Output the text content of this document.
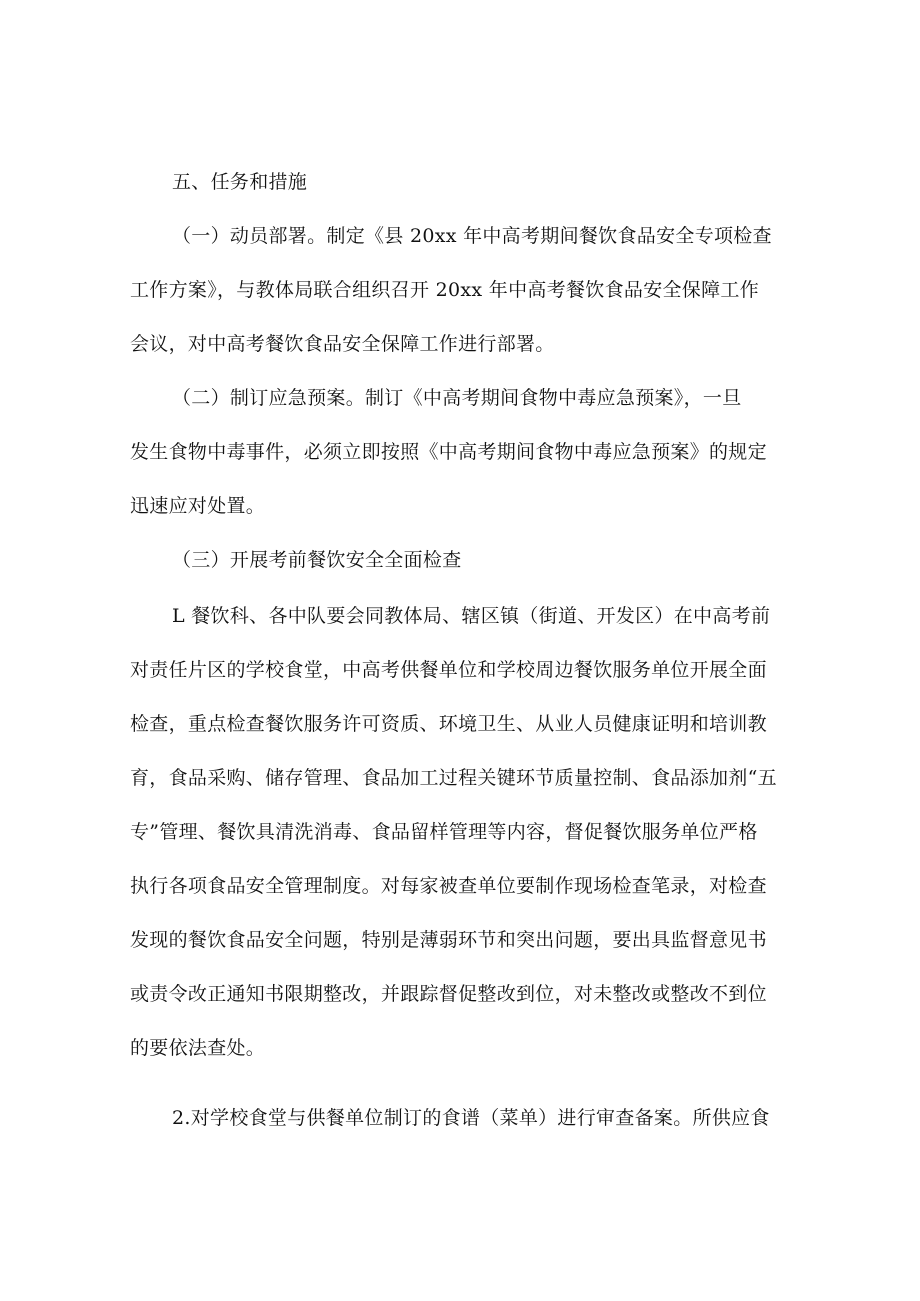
五、任务和措施
（一）动员部署。制定《县 20xx 年中高考期间餐饮食品安全专项检查
工作方案》，与教体局联合组织召开 20xx 年中高考餐饮食品安全保障工作
会议，对中高考餐饮食品安全保障工作进行部署。
（二）制订应急预案。制订《中高考期间食物中毒应急预案》，一旦
发生食物中毒事件，必须立即按照《中高考期间食物中毒应急预案》的规定
迅速应对处置。
（三）开展考前餐饮安全全面检查
L 餐饮科、各中队要会同教体局、辖区镇（街道、开发区）在中高考前
对责任片区的学校食堂，中高考供餐单位和学校周边餐饮服务单位开展全面
检查，重点检查餐饮服务许可资质、环境卫生、从业人员健康证明和培训教
育，食品采购、储存管理、食品加工过程关键环节质量控制、食品添加剂“五
专”管理、餐饮具清洗消毒、食品留样管理等内容，督促餐饮服务单位严格
执行各项食品安全管理制度。对每家被查单位要制作现场检查笔录，对检查
发现的餐饮食品安全问题，特别是薄弱环节和突出问题，要出具监督意见书
或责令改正通知书限期整改，并跟踪督促整改到位，对未整改或整改不到位
的要依法查处。
2.对学校食堂与供餐单位制订的食谱（菜单）进行审查备案。所供应食
